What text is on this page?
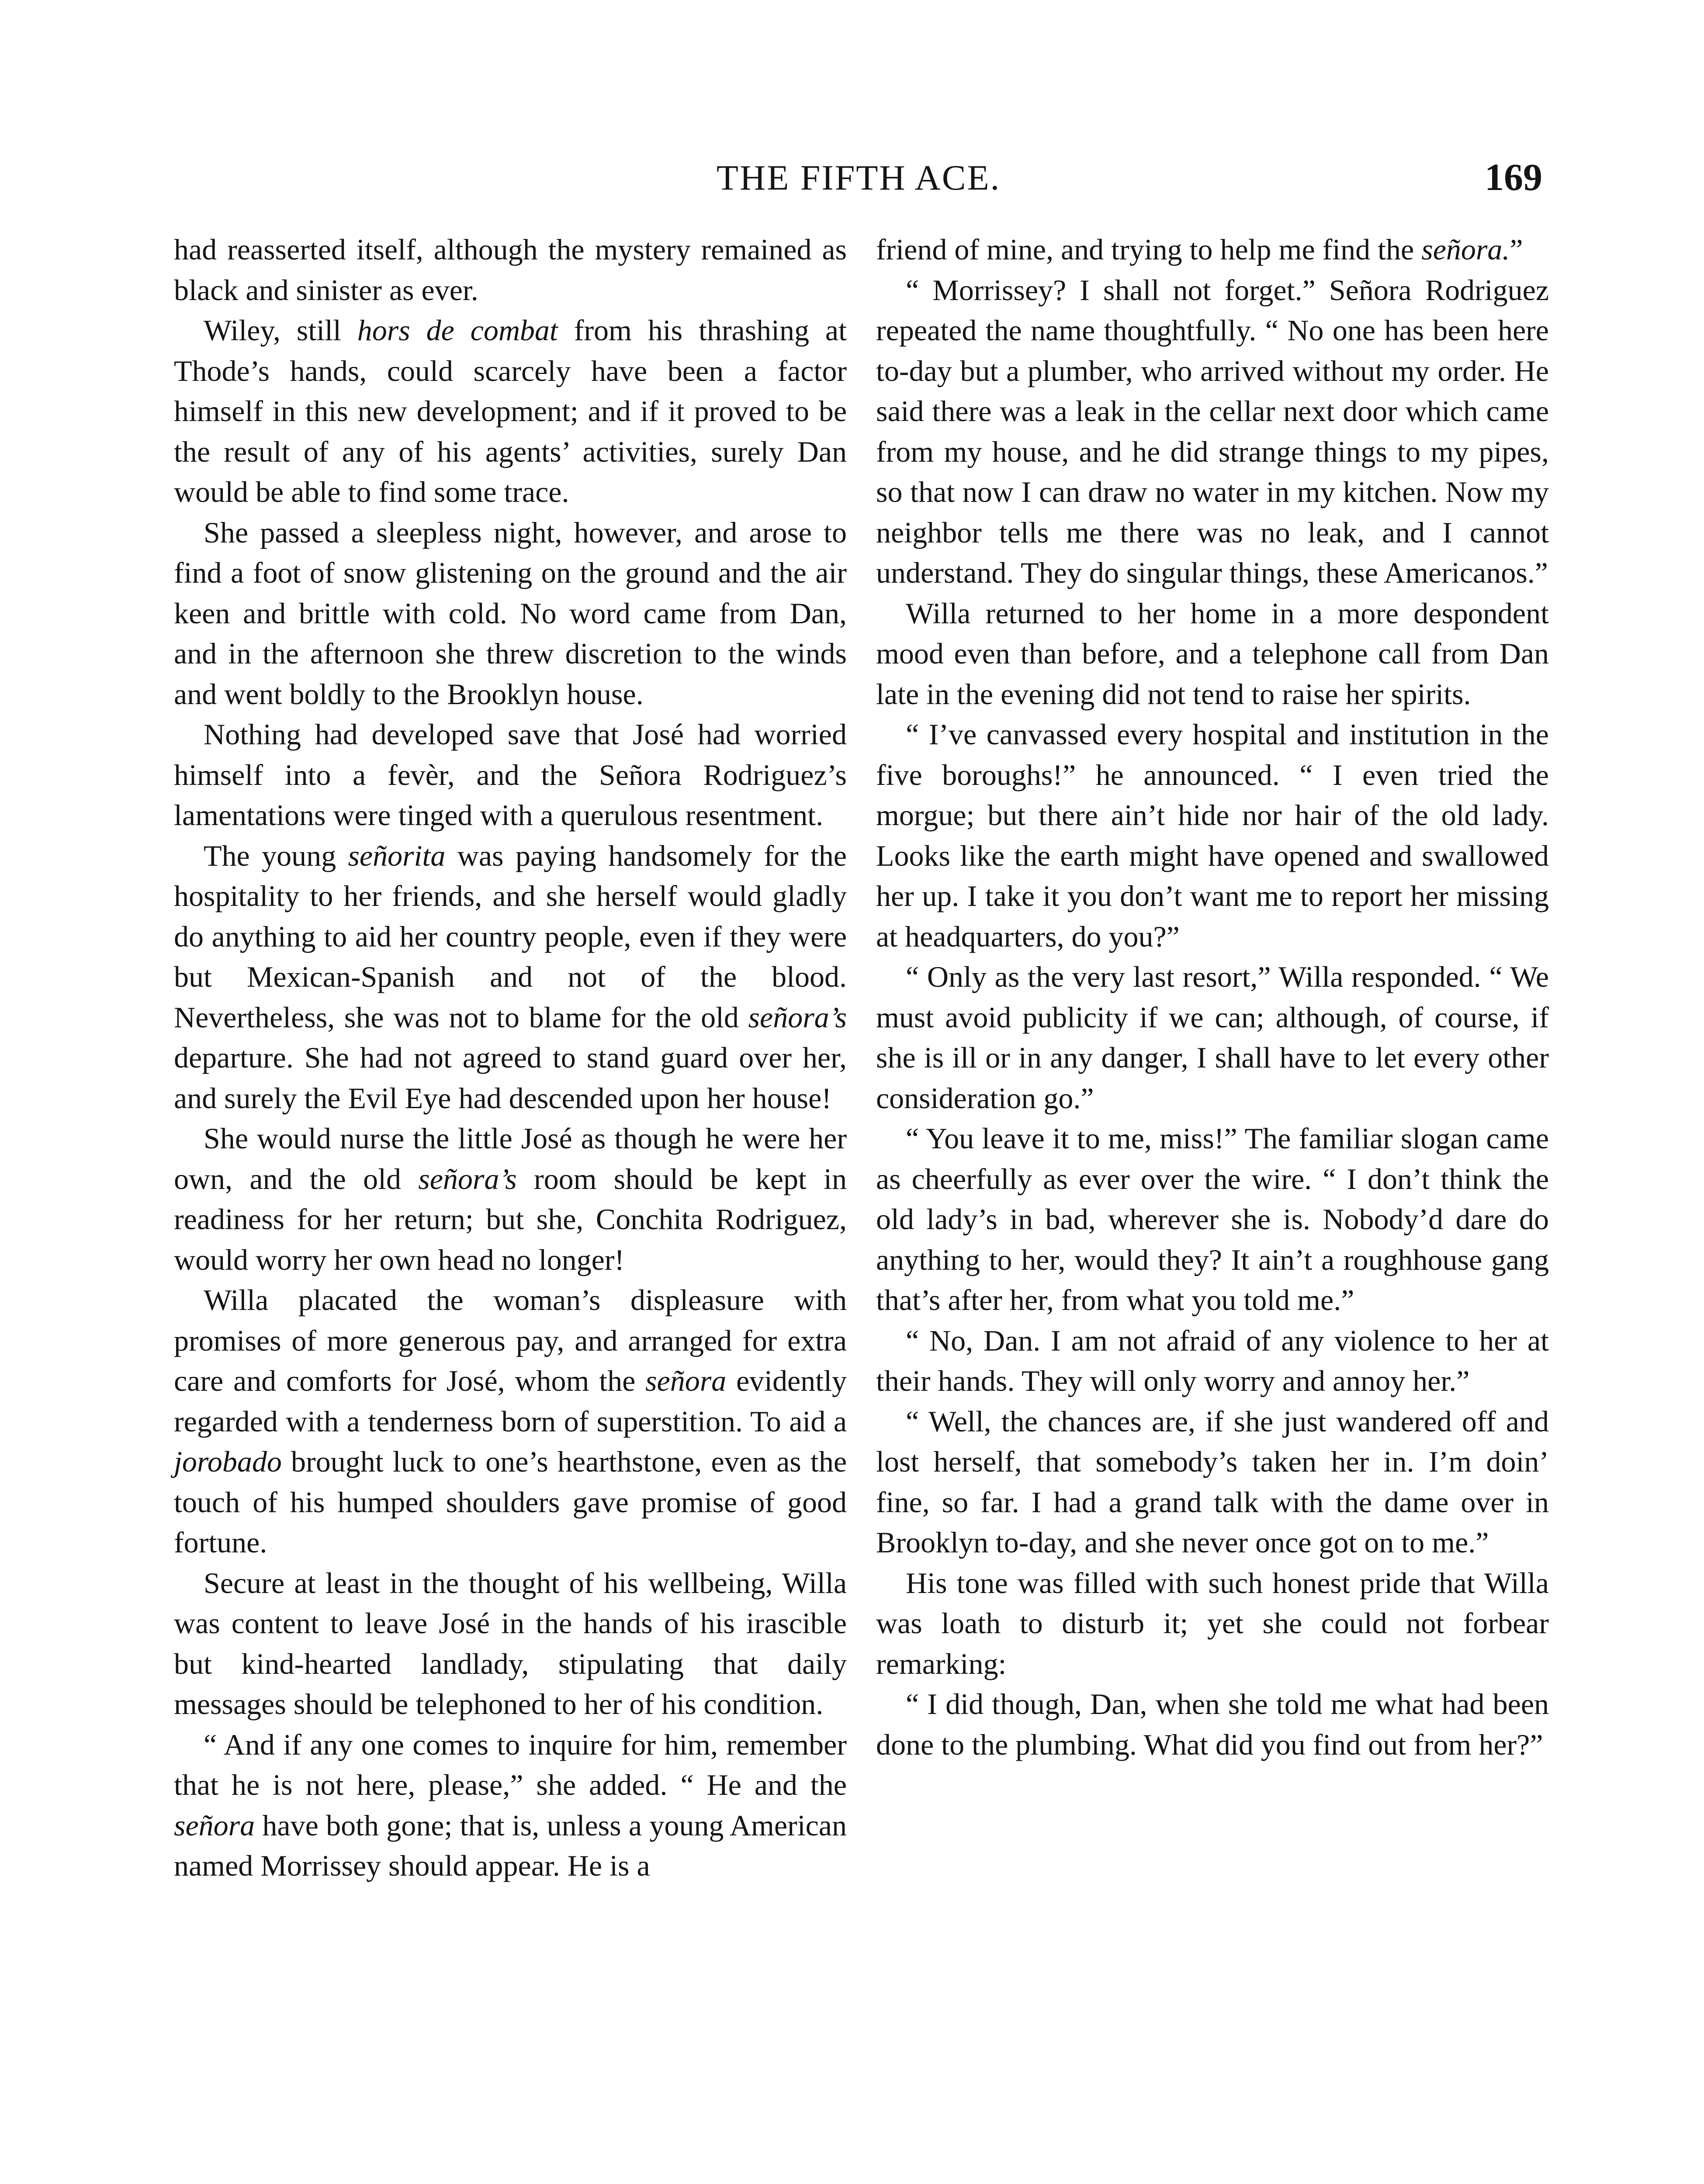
THE FIFTH ACE.	169

had reasserted itself, although the mystery remained as black and sinister as ever.

Wiley, still hors de combat from his thrashing at Thode’s hands, could scarcely have been a factor himself in this new development; and if it proved to be the result of any of his agents’ activities, surely Dan would be able to find some trace.

She passed a sleepless night, however, and arose to find a foot of snow glistening on the ground and the air keen and brittle with cold. No word came from Dan, and in the afternoon she threw discretion to the winds and went boldly to the Brooklyn house.

Nothing had developed save that José had worried himself into a fevèr, and the Señora Rodriguez’s lamentations were tinged with a querulous resentment.

The young señorita was paying handsomely for the hospitality to her friends, and she herself would gladly do anything to aid her country people, even if they were but Mexican-Spanish and not of the blood. Nevertheless, she was not to blame for the old señora’s departure. She had not agreed to stand guard over her, and surely the Evil Eye had descended upon her house!

She would nurse the little José as though he were her own, and the old señora’s room should be kept in readiness for her return; but she, Conchita Rodriguez, would worry her own head no longer!

Willa placated the woman’s displeasure with promises of more generous pay, and arranged for extra care and comforts for José, whom the señora evidently regarded with a tenderness born of superstition. To aid a jorobado brought luck to one’s hearthstone, even as the touch of his humped shoulders gave promise of good fortune.

Secure at least in the thought of his wellbeing, Willa was content to leave José in the hands of his irascible but kind-hearted landlady, stipulating that daily messages should be telephoned to her of his condition.

“ And if any one comes to inquire for him, remember that he is not here, please,” she added. “ He and the señora have both gone; that is, unless a young American named Morrissey should appear. He is a

friend of mine, and trying to help me find the señora.”

“ Morrissey? I shall not forget.” Señora Rodriguez repeated the name thoughtfully. “ No one has been here to-day but a plumber, who arrived without my order. He said there was a leak in the cellar next door which came from my house, and he did strange things to my pipes, so that now I can draw no water in my kitchen. Now my neighbor tells me there was no leak, and I cannot understand. They do singular things, these Americanos.”

Willa returned to her home in a more despondent mood even than before, and a telephone call from Dan late in the evening did not tend to raise her spirits.

“ I’ve canvassed every hospital and institution in the five boroughs!” he announced. “ I even tried the morgue; but there ain’t hide nor hair of the old lady. Looks like the earth might have opened and swallowed her up. I take it you don’t want me to report her missing at headquarters, do you?”

“ Only as the very last resort,” Willa responded. “ We must avoid publicity if we can; although, of course, if she is ill or in any danger, I shall have to let every other consideration go.”

“ You leave it to me, miss!” The familiar slogan came as cheerfully as ever over the wire. “ I don’t think the old lady’s in bad, wherever she is. Nobody’d dare do anything to her, would they? It ain’t a roughhouse gang that’s after her, from what you told me.”

“ No, Dan. I am not afraid of any violence to her at their hands. They will only worry and annoy her.”

“ Well, the chances are, if she just wandered off and lost herself, that somebody’s taken her in. I’m doin’ fine, so far. I had a grand talk with the dame over in Brooklyn to-day, and she never once got on to me.”

His tone was filled with such honest pride that Willa was loath to disturb it; yet she could not forbear remarking:

“ I did though, Dan, when she told me what had been done to the plumbing. What did you find out from her?”
